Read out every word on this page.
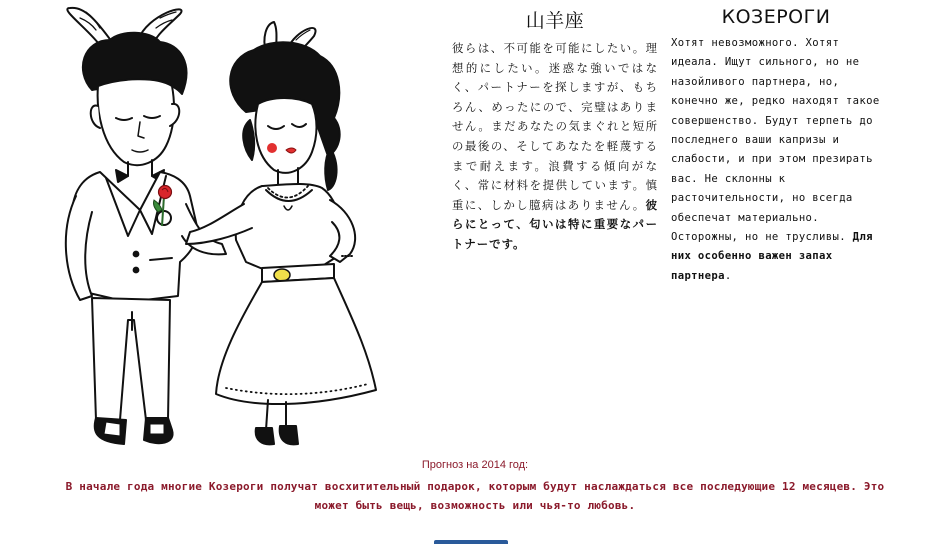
山羊座

彼らは、不可能を可能にしたい。理想的にしたい。迷惑な強いではなく、パートナーを探しますが、もちろん、めったにので、完璧はありません。まだあなたの気まぐれと短所の最後の、そしてあなたを軽蔑するまで耐えます。浪費する傾向がなく、常に材料を提供しています。慎重に、しかし臆病はありません。彼らにとって、匂いは特に重要なパートナーです。

КОЗЕРОГИ

Хотят невозможного. Хотят идеала. Ищут сильного, но не назойливого партнера, но, конечно же, редко находят такое совершенство. Будут терпеть до последнего ваши капризы и слабости, и при этом презирать вас. Не склонны к расточительности, но всегда обеспечат материально. Осторожны, но не трусливы. Для них особенно важен запах партнера.

Прогноз на 2014 год:
В начале года многие Козероги получат восхитительный подарок, которым будут наслаждаться все последующие 12 месяцев. Это может быть вещь, возможность или чья-то любовь.
